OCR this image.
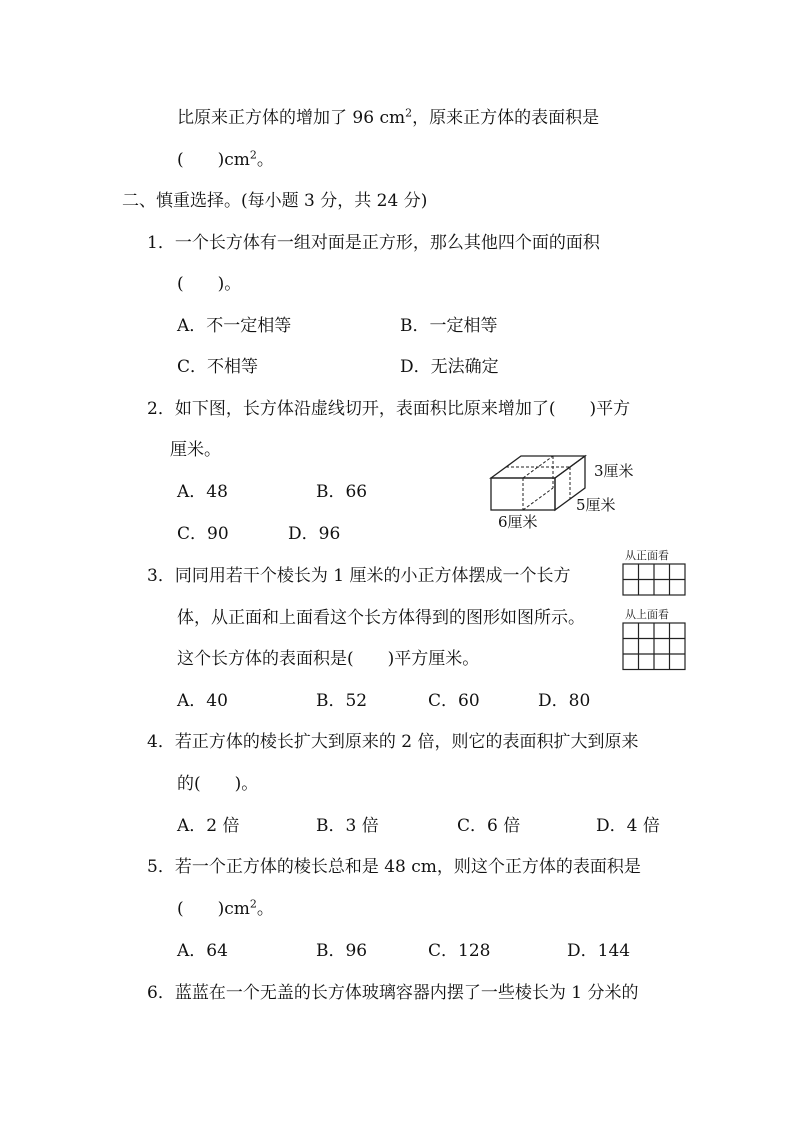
比原来正方体的增加了 96 $cm^2$，原来正方体的表面积是
(　　)$cm^2$。
二、慎重选择。(每小题 3 分，共 24 分)
1．一个长方体有一组对面是正方形，那么其他四个面的面积
(　　)。
A．不一定相等	B．一定相等
C．不相等	D．无法确定
2．如下图，长方体沿虚线切开，表面积比原来增加了(　　)平方
厘米。
A．48	B．66
C．90	D．96
3厘米
5厘米
6厘米
3．同同用若干个棱长为 1 厘米的小正方体摆成一个长方
体，从正面和上面看这个长方体得到的图形如图所示。
这个长方体的表面积是(　　)平方厘米。
A．40	B．52	C．60	D．80
从正面看
从上面看
4．若正方体的棱长扩大到原来的 2 倍，则它的表面积扩大到原来
的(　　)。
A．2 倍	B．3 倍	C．6 倍	D．4 倍
5．若一个正方体的棱长总和是 48 cm，则这个正方体的表面积是
(　　)$cm^2$。
A．64	B．96	C．128	D．144
6．蓝蓝在一个无盖的长方体玻璃容器内摆了一些棱长为 1 分米的
